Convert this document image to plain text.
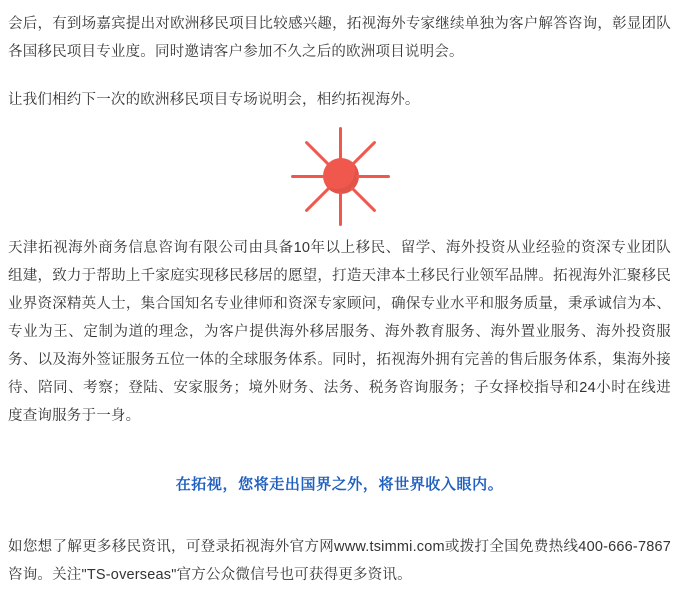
会后，有到场嘉宾提出对欧洲移民项目比较感兴趣，拓视海外专家继续单独为客户解答咨询，彰显团队各国移民项目专业度。同时邀请客户参加不久之后的欧洲项目说明会。

让我们相约下一次的欧洲移民项目专场说明会，相约拓视海外。

天津拓视海外商务信息咨询有限公司由具备10年以上移民、留学、海外投资从业经验的资深专业团队组建，致力于帮助上千家庭实现移民移居的愿望，打造天津本土移民行业领军品牌。拓视海外汇聚移民业界资深精英人士，集合国知名专业律师和资深专家顾问，确保专业水平和服务质量，秉承诚信为本、专业为王、定制为道的理念，为客户提供海外移居服务、海外教育服务、海外置业服务、海外投资服务、以及海外签证服务五位一体的全球服务体系。同时，拓视海外拥有完善的售后服务体系，集海外接待、陪同、考察；登陆、安家服务；境外财务、法务、税务咨询服务；子女择校指导和24小时在线进度查询服务于一身。

在拓视，您将走出国界之外，将世界收入眼内。

如您想了解更多移民资讯，可登录拓视海外官方网www.tsimmi.com或拨打全国免费热线400-666-7867咨询。关注"TS-overseas"官方公众微信号也可获得更多资讯。
